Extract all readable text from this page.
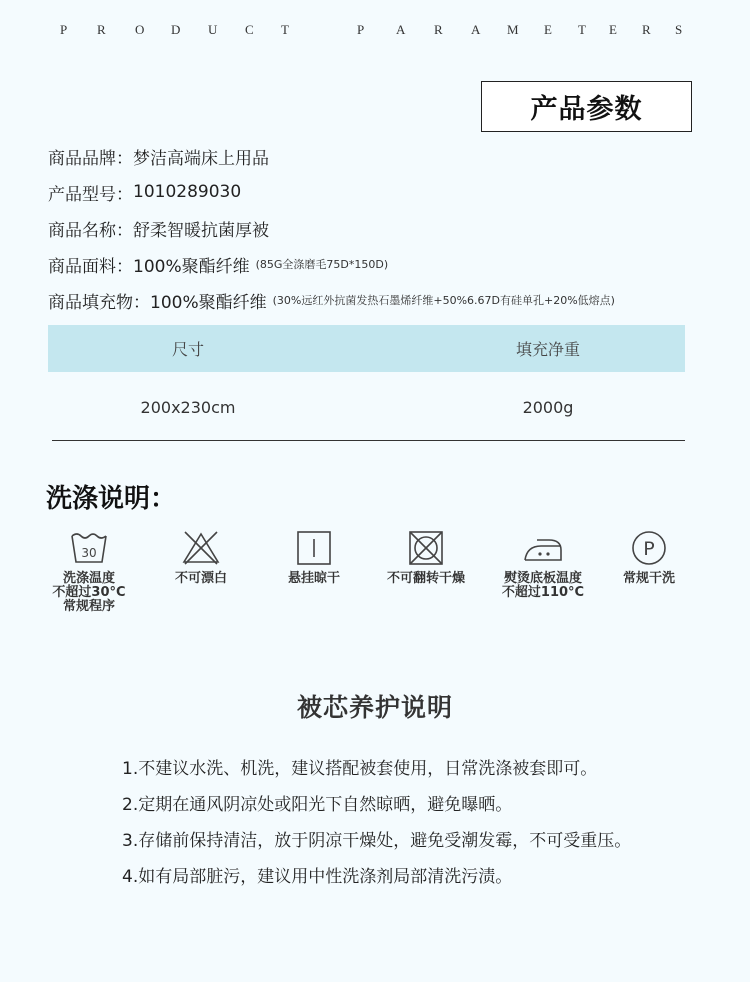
P R O D U C T	P A R A M E T E R S
产品参数
商品品牌： 梦洁高端床上用品
产品型号： 1010289030
商品名称： 舒柔智暖抗菌厚被
商品面料： 100%聚酯纤维 (85G全涤磨毛75D*150D)
商品填充物： 100%聚酯纤维 (30%远红外抗菌发热石墨烯纤维+50%6.67D有硅单孔+20%低熔点)
尺寸	填充净重
200x230cm	2000g
洗涤说明：
30
洗涤温度
不超过30°C
常规程序
不可漂白	悬挂晾干	不可翻转干燥	熨烫底板温度
不超过110°C
P
常规干洗
被芯养护说明
1.不建议水洗、机洗，建议搭配被套使用，日常洗涤被套即可。
2.定期在通风阴凉处或阳光下自然晾晒，避免曝晒。
3.存储前保持清洁，放于阴凉干燥处，避免受潮发霉，不可受重压。
4.如有局部脏污，建议用中性洗涤剂局部清洗污渍。
